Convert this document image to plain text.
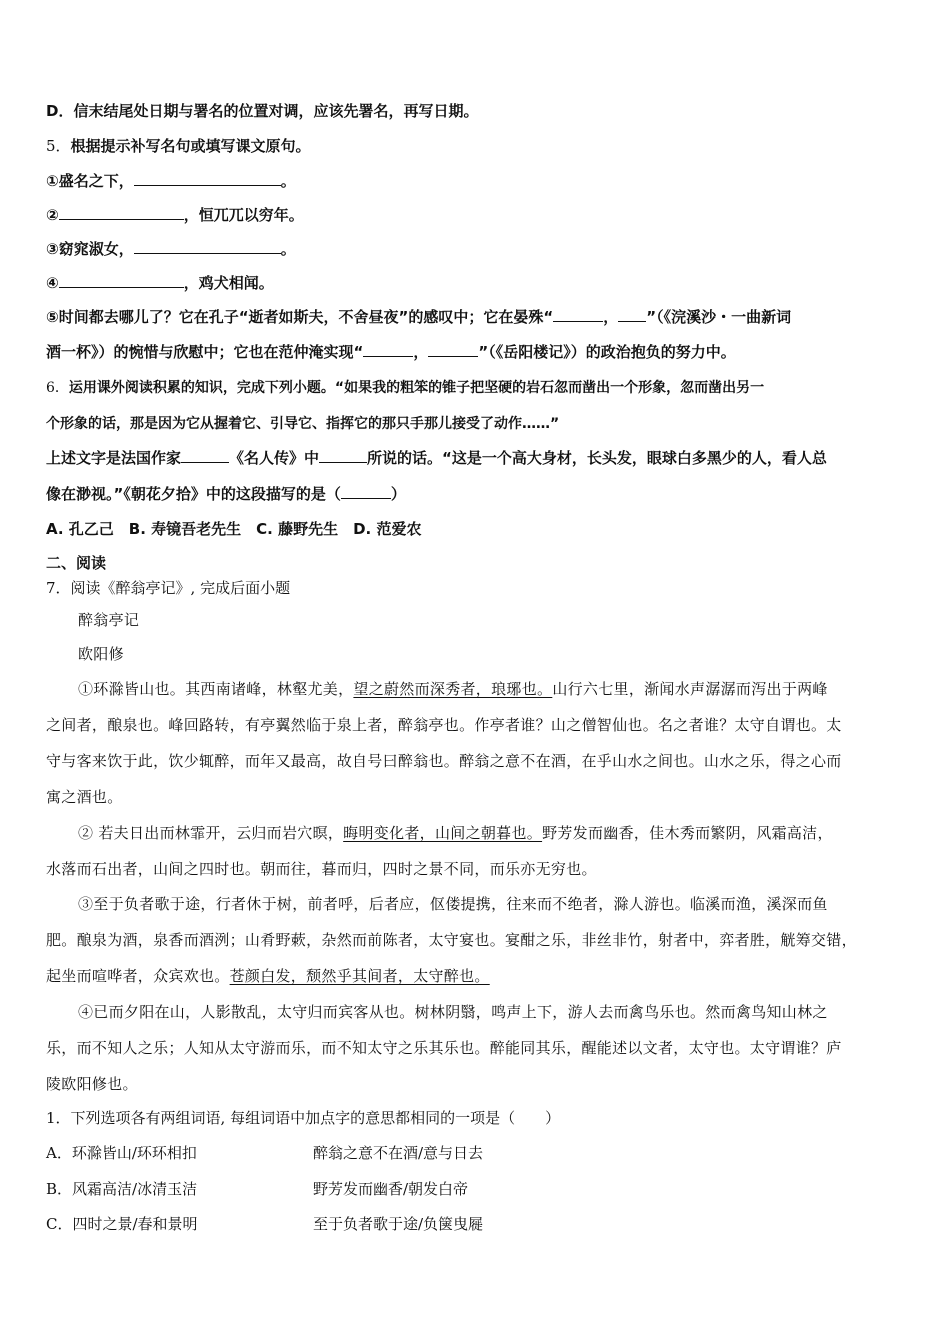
D．信末结尾处日期与署名的位置对调，应该先署名，再写日期。
5．根据提示补写名句或填写课文原句。
①盛名之下，	。
②	，恒兀兀以穷年。
③窈窕淑女，	。
④	，鸡犬相闻。
⑤时间都去哪儿了？它在孔子“逝者如斯夫，不舍昼夜”的感叹中；它在晏殊“	， ”（《浣溪沙・一曲新词
酒一杯》）的惋惜与欣慰中；它也在范仲淹实现“	，	”（《岳阳楼记》）的政治抱负的努力中。
6．运用课外阅读积累的知识，完成下列小题。“如果我的粗笨的锥子把坚硬的岩石忽而凿出一个形象，忽而凿出另一
个形象的话，那是因为它从握着它、引导它、指挥它的那只手那儿接受了动作……”
上述文字是法国作家	《名人传》中	所说的话。“这是一个高大身材，长头发，眼球白多黑少的人，看人总
像在渺视。”《朝花夕拾》中的这段描写的是（	）
A. 孔乙己　B. 寿镜吾老先生　C. 藤野先生　D. 范爱农
二、阅读
7．阅读《醉翁亭记》, 完成后面小题
醉翁亭记
欧阳修
①环滁皆山也。其西南诸峰，林壑尤美，望之蔚然而深秀者，琅琊也。山行六七里，渐闻水声潺潺而泻出于两峰
之间者，酿泉也。峰回路转，有亭翼然临于泉上者，醉翁亭也。作亭者谁？山之僧智仙也。名之者谁？太守自谓也。太
守与客来饮于此，饮少辄醉，而年又最高，故自号曰醉翁也。醉翁之意不在酒，在乎山水之间也。山水之乐，得之心而
寓之酒也。
② 若夫日出而林霏开，云归而岩穴暝，晦明变化者，山间之朝暮也。野芳发而幽香，佳木秀而繁阴，风霜高洁，
水落而石出者，山间之四时也。朝而往，暮而归，四时之景不同，而乐亦无穷也。
③至于负者歌于途，行者休于树，前者呼，后者应，伛偻提携，往来而不绝者，滁人游也。临溪而渔，溪深而鱼
肥。酿泉为酒，泉香而酒洌；山肴野蔌，杂然而前陈者，太守宴也。宴酣之乐，非丝非竹，射者中，弈者胜，觥筹交错，
起坐而喧哗者，众宾欢也。苍颜白发，颓然乎其间者，太守醉也。
④已而夕阳在山，人影散乱，太守归而宾客从也。树林阴翳，鸣声上下，游人去而禽鸟乐也。然而禽鸟知山林之
乐，而不知人之乐；人知从太守游而乐，而不知太守之乐其乐也。醉能同其乐，醒能述以文者，太守也。太守谓谁？庐
陵欧阳修也。
1．下列选项各有两组词语, 每组词语中加点字的意思都相同的一项是（　　）
A．环滁皆山/环环相扣	醉翁之意不在酒/意与日去
B．风霜高洁/冰清玉洁	野芳发而幽香/朝发白帝
C．四时之景/春和景明	至于负者歌于途/负箧曳屣
